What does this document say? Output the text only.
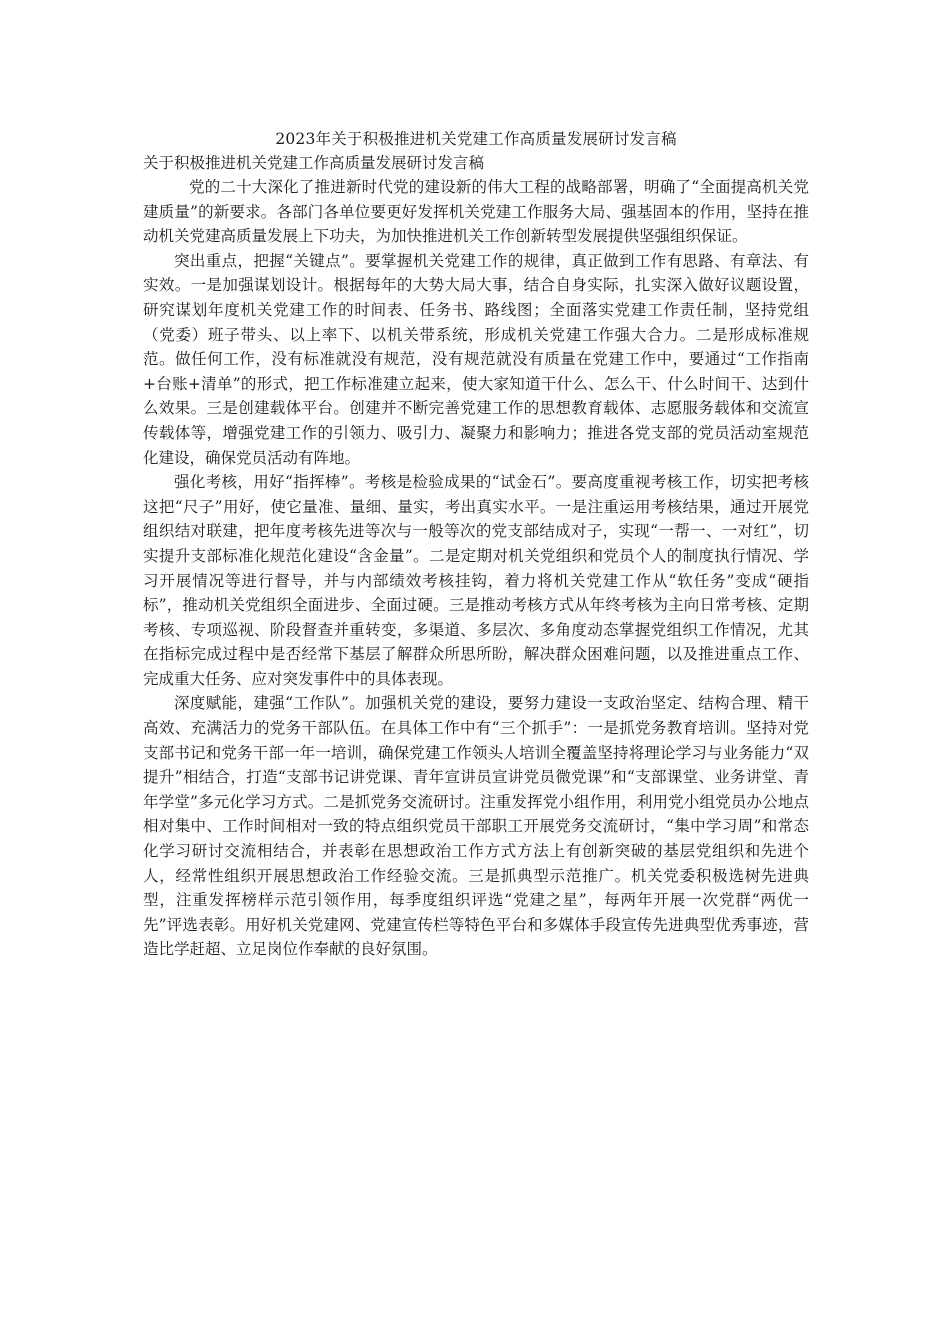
2023年关于积极推进机关党建工作高质量发展研讨发言稿
关于积极推进机关党建工作高质量发展研讨发言稿

党的二十大深化了推进新时代党的建设新的伟大工程的战略部署，明确了“全面提高机关党建质量”的新要求。各部门各单位要更好发挥机关党建工作服务大局、强基固本的作用，坚持在推动机关党建高质量发展上下功夫，为加快推进机关工作创新转型发展提供坚强组织保证。

突出重点，把握“关键点”。要掌握机关党建工作的规律，真正做到工作有思路、有章法、有实效。一是加强谋划设计。根据每年的大势大局大事，结合自身实际，扎实深入做好议题设置，研究谋划年度机关党建工作的时间表、任务书、路线图；全面落实党建工作责任制，坚持党组（党委）班子带头、以上率下、以机关带系统，形成机关党建工作强大合力。二是形成标准规范。做任何工作，没有标准就没有规范，没有规范就没有质量在党建工作中，要通过“工作指南+台账+清单”的形式，把工作标准建立起来，使大家知道干什么、怎么干、什么时间干、达到什么效果。三是创建载体平台。创建并不断完善党建工作的思想教育载体、志愿服务载体和交流宣传载体等，增强党建工作的引领力、吸引力、凝聚力和影响力；推进各党支部的党员活动室规范化建设，确保党员活动有阵地。

强化考核，用好“指挥棒”。考核是检验成果的“试金石”。要高度重视考核工作，切实把考核这把“尺子”用好，使它量准、量细、量实，考出真实水平。一是注重运用考核结果，通过开展党组织结对联建，把年度考核先进等次与一般等次的党支部结成对子，实现“一帮一、一对红”，切实提升支部标准化规范化建设“含金量”。二是定期对机关党组织和党员个人的制度执行情况、学习开展情况等进行督导，并与内部绩效考核挂钩，着力将机关党建工作从“软任务”变成“硬指标”，推动机关党组织全面进步、全面过硬。三是推动考核方式从年终考核为主向日常考核、定期考核、专项巡视、阶段督查并重转变，多渠道、多层次、多角度动态掌握党组织工作情况，尤其在指标完成过程中是否经常下基层了解群众所思所盼，解决群众困难问题，以及推进重点工作、完成重大任务、应对突发事件中的具体表现。

深度赋能，建强“工作队”。加强机关党的建设，要努力建设一支政治坚定、结构合理、精干高效、充满活力的党务干部队伍。在具体工作中有“三个抓手”：一是抓党务教育培训。坚持对党支部书记和党务干部一年一培训，确保党建工作领头人培训全覆盖坚持将理论学习与业务能力“双提升”相结合，打造“支部书记讲党课、青年宣讲员宣讲党员微党课”和“支部课堂、业务讲堂、青年学堂”多元化学习方式。二是抓党务交流研讨。注重发挥党小组作用，利用党小组党员办公地点相对集中、工作时间相对一致的特点组织党员干部职工开展党务交流研讨，“集中学习周”和常态化学习研讨交流相结合，并表彰在思想政治工作方式方法上有创新突破的基层党组织和先进个人，经常性组织开展思想政治工作经验交流。三是抓典型示范推广。机关党委积极选树先进典型，注重发挥榜样示范引领作用，每季度组织评选“党建之星”，每两年开展一次党群“两优一先”评选表彰。用好机关党建网、党建宣传栏等特色平台和多媒体手段宣传先进典型优秀事迹，营造比学赶超、立足岗位作奉献的良好氛围。
